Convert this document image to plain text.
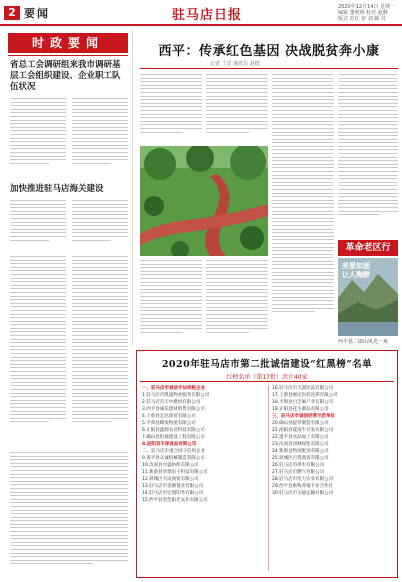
2 要闻	驻马店日报
2020年12月14日 星期一
编辑 董明明 校对 赵静
版式 范红 审 刘 邮 付
时政要闻
省总工会调研组来我市调研基层工会组织建设、企业职工队伍状况
加快推进驻马店海关建设
西平：传承红色基因 决战脱贫奔小康
记者 丁洋 通讯员 赵德
革命老区行
美景如画 让人陶醉
西平县二郎山风光一角
2020年驻马店市第二批诚信建设“红黑榜”名单
红榜名单（第17批）共计40家
一、驻马店市诚信守法纳税企业
1.驻马店市凯盛物业服务有限公司
2.驻马店市天中建材有限公司
3.西平县诚信建材销售有限公司
4.上蔡县宏达商贸有限公司
5.平舆县顺发物流有限公司
6.正阳县鑫源农业科技有限公司
7.确山县恒通建设工程有限公司
8.泌阳县丰泽食品有限公司
二、驻马店市重合同守信用企业
9.遂平县众诚机械制造有限公司
10.汝南县兴盛纺织有限公司
11.新蔡县华瑞电子科技有限公司
12.驿城区天成商贸有限公司
13.驻马店市金源置业有限公司
14.驻马店市宏图印务有限公司
15.西平县金色阳光农业有限公司
16.驻马店市天润饮品有限公司
17.上蔡县惠民医药连锁有限公司
18.平舆县白芝麻产业有限公司
19.正阳县花生制品有限公司
三、驻马店市诚信经营示范单位
20.确山县提琴制造有限公司
21.泌阳县夏南牛开发有限公司
22.遂平县食品加工有限公司
23.汝南县园林绿化有限公司
24.新蔡县物流配送有限公司
25.驿城区百货商贸有限公司
26.驻马店市供水有限公司
27.驻马店市燃气有限公司
28.驻马店市电力实业有限公司
29.西平县畜牧养殖专业合作社
30.驻马店市交通运输有限公司
